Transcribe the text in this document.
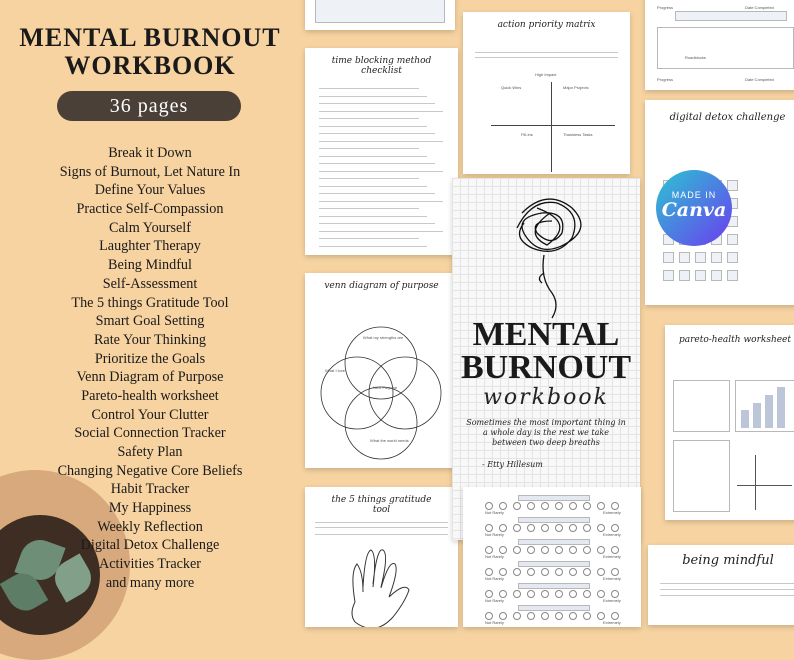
MENTAL BURNOUT
WORKBOOK
36 pages
Break it Down
Signs of Burnout, Let Nature In
Define Your Values
Practice Self-Compassion
Calm Yourself
Laughter Therapy
Being Mindful
Self-Assessment
The 5 things Gratitude Tool
Smart Goal Setting
Rate Your Thinking
Prioritize the Goals
Venn Diagram of Purpose
Pareto-health worksheet
Control Your Clutter
Social Connection Tracker
Safety Plan
Changing Negative Core Beliefs
Habit Tracker
My Happiness
Weekly Reflection
Digital Detox Challenge
Activities Tracker
and many more
time blocking method checklist
action priority matrix
Quick Wins	Major Projects
Fill-Ins	Thankless Tasks
High Impact
Progress	Date Completed
Roadblocks
Progress	Date Completed
digital detox challenge
venn diagram of purpose
What my strengths are
What I love
Next Purpose
What the world needs
the 5 things gratitude tool
MENTAL
BURNOUT
workbook
Sometimes the most important thing in a whole day is the rest we take between two deep breaths
- Etty Hillesum
MADE IN
Canva
pareto-health worksheet
being mindful
Not Rarely	Extremely
Not Rarely	Extremely
Not Rarely	Extremely
Not Rarely	Extremely
Not Rarely	Extremely
Not Rarely	Extremely
